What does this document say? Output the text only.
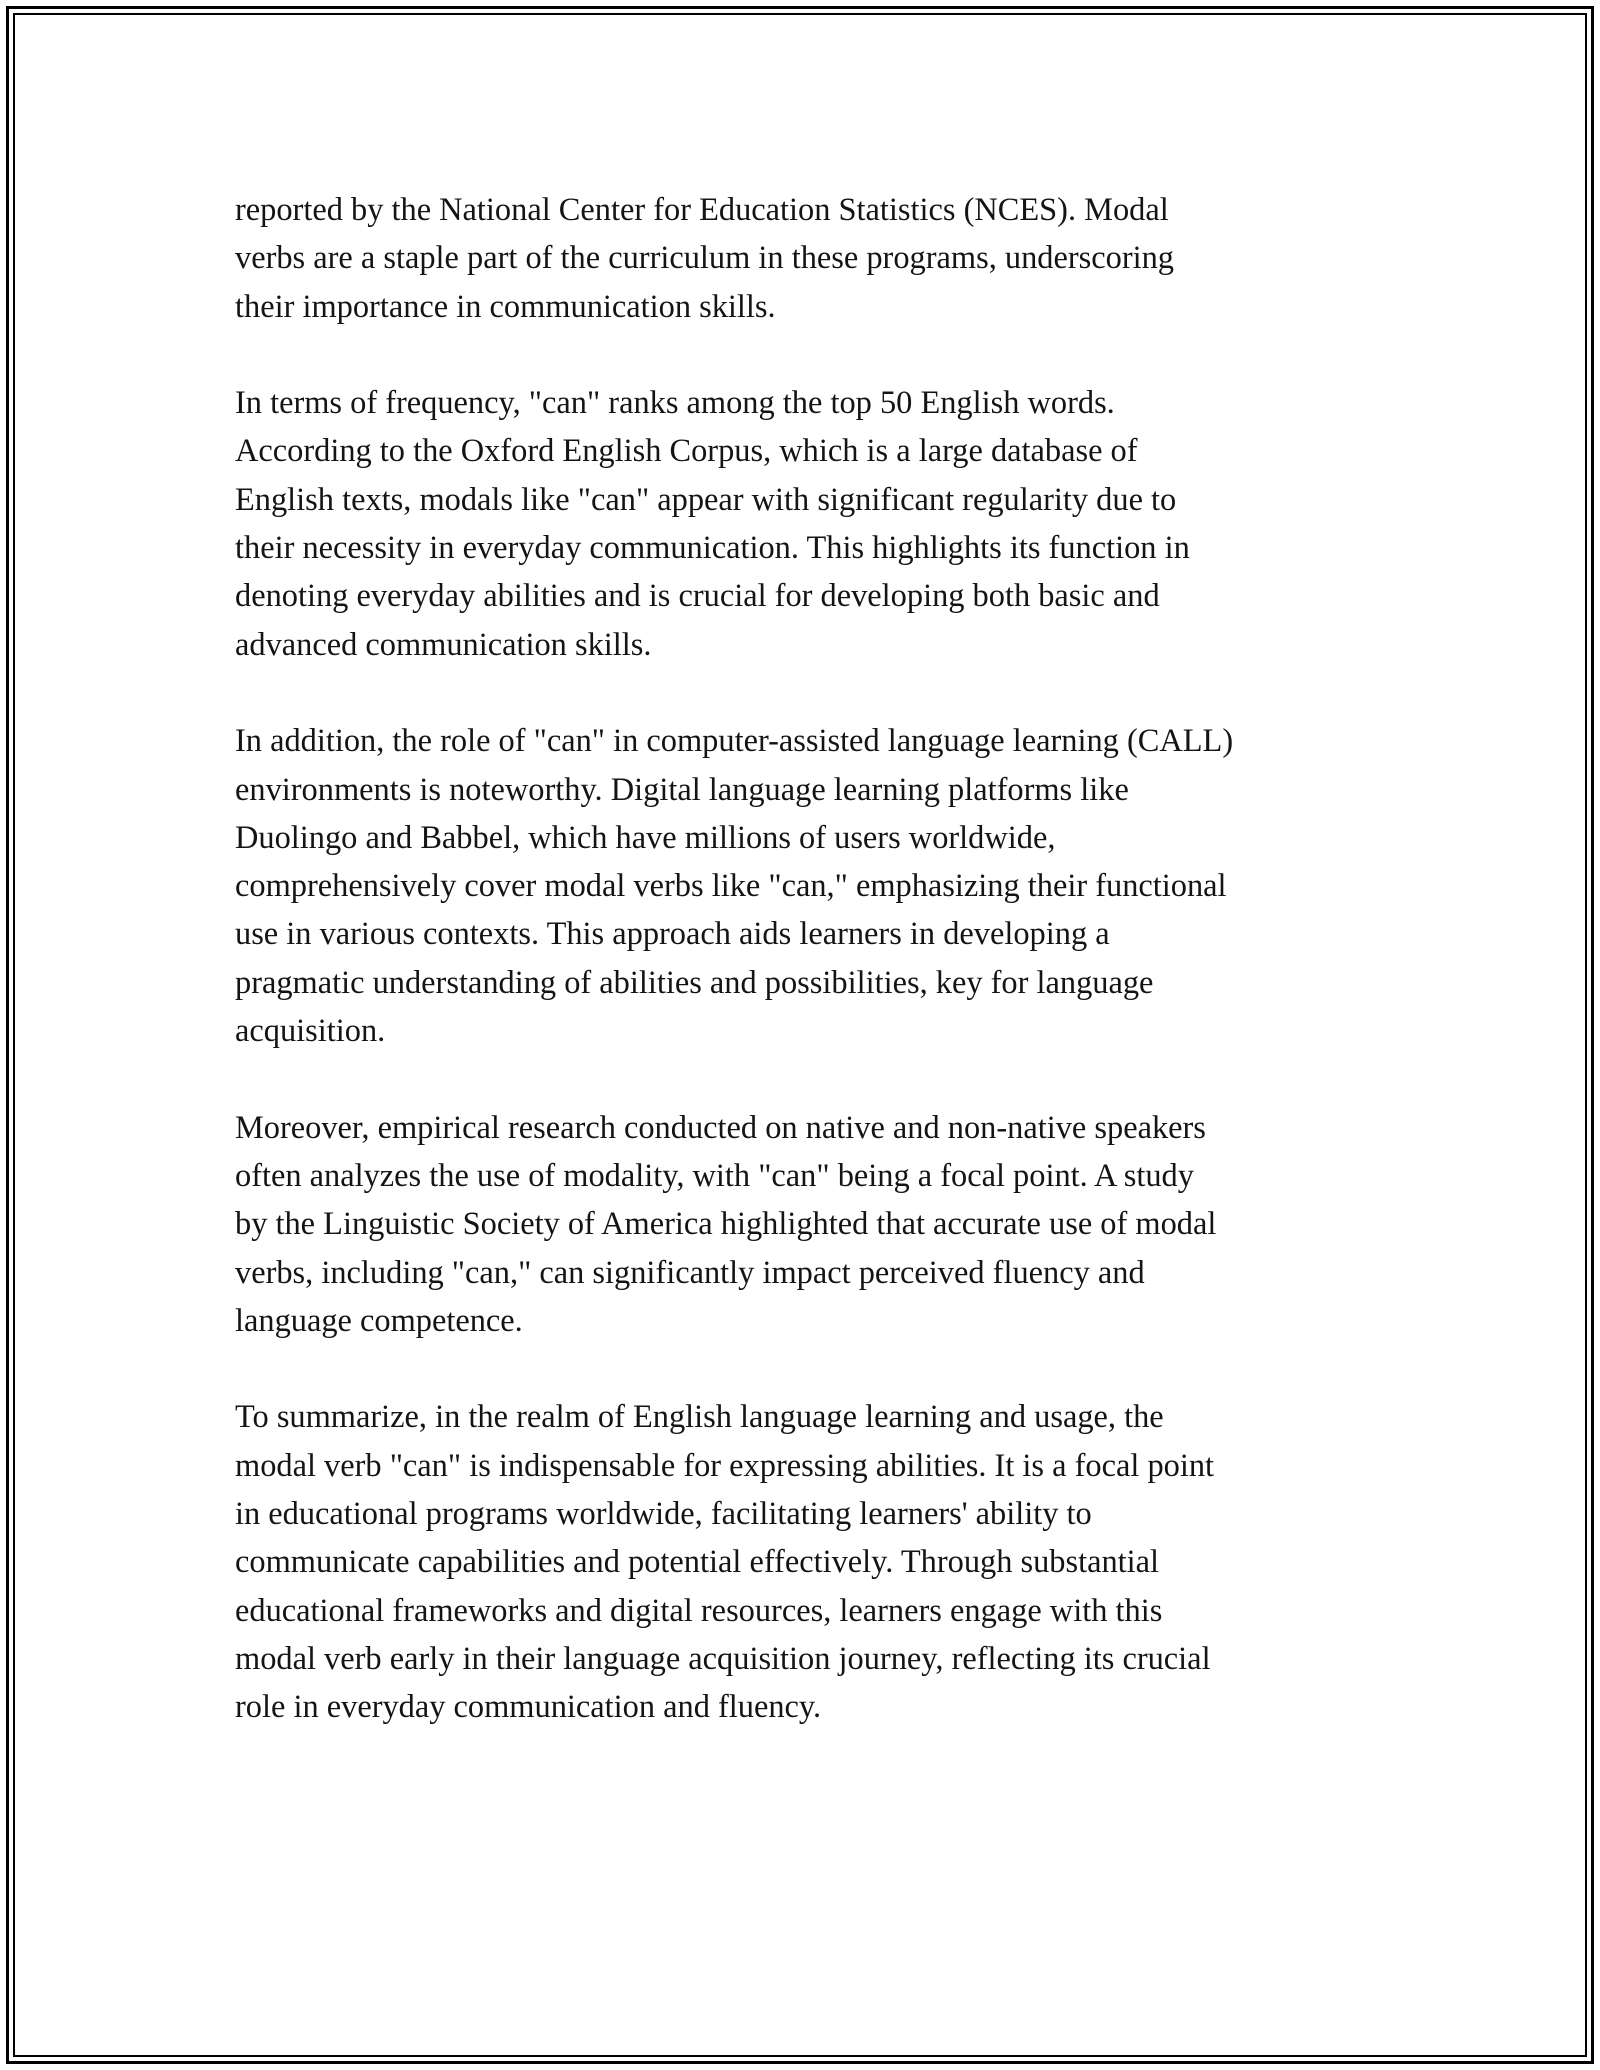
reported by the National Center for Education Statistics (NCES). Modal
verbs are a staple part of the curriculum in these programs, underscoring
their importance in communication skills.

In terms of frequency, "can" ranks among the top 50 English words.
According to the Oxford English Corpus, which is a large database of
English texts, modals like "can" appear with significant regularity due to
their necessity in everyday communication. This highlights its function in
denoting everyday abilities and is crucial for developing both basic and
advanced communication skills.

In addition, the role of "can" in computer-assisted language learning (CALL)
environments is noteworthy. Digital language learning platforms like
Duolingo and Babbel, which have millions of users worldwide,
comprehensively cover modal verbs like "can," emphasizing their functional
use in various contexts. This approach aids learners in developing a
pragmatic understanding of abilities and possibilities, key for language
acquisition.

Moreover, empirical research conducted on native and non-native speakers
often analyzes the use of modality, with "can" being a focal point. A study
by the Linguistic Society of America highlighted that accurate use of modal
verbs, including "can," can significantly impact perceived fluency and
language competence.

To summarize, in the realm of English language learning and usage, the
modal verb "can" is indispensable for expressing abilities. It is a focal point
in educational programs worldwide, facilitating learners' ability to
communicate capabilities and potential effectively. Through substantial
educational frameworks and digital resources, learners engage with this
modal verb early in their language acquisition journey, reflecting its crucial
role in everyday communication and fluency.
